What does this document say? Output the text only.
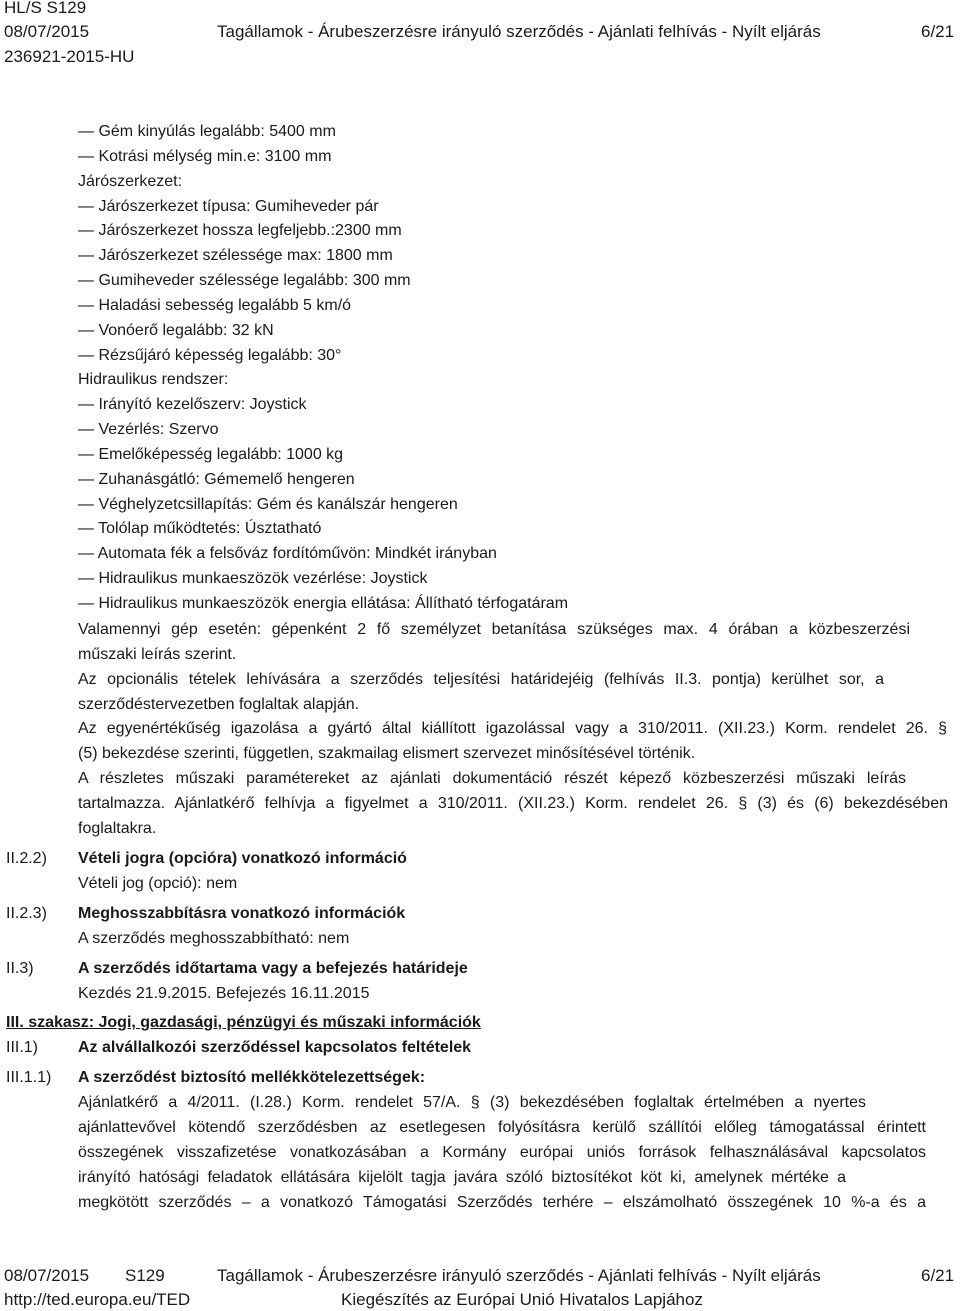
HL/S S129
08/07/2015	Tagállamok - Árubeszerzésre irányuló szerződés - Ajánlati felhívás - Nyílt eljárás	6/21
236921-2015-HU
— Gém kinyúlás legalább: 5400 mm
— Kotrási mélység min.e: 3100 mm
Járószerkezet:
— Járószerkezet típusa: Gumiheveder pár
— Járószerkezet hossza legfeljebb.:2300 mm
— Járószerkezet szélessége max: 1800 mm
— Gumiheveder szélessége legalább: 300 mm
— Haladási sebesség legalább 5 km/ó
— Vonóerő legalább: 32 kN
— Rézsűjáró képesség legalább: 30°
Hidraulikus rendszer:
— Irányító kezelőszerv: Joystick
— Vezérlés: Szervo
— Emelőképesség legalább: 1000 kg
— Zuhanásgátló: Gémemelő hengeren
— Véghelyzetcsillapítás: Gém és kanálszár hengeren
— Tolólap működtetés: Úsztatható
— Automata fék a felsőváz fordítóművön: Mindkét irányban
— Hidraulikus munkaeszözök vezérlése: Joystick
— Hidraulikus munkaeszözök energia ellátása: Állítható térfogatáram
Valamennyi gép esetén: gépenként 2 fő személyzet betanítása szükséges max. 4 órában a közbeszerzési
műszaki leírás szerint.
Az opcionális tételek lehívására a szerződés teljesítési határidejéig (felhívás II.3. pontja) kerülhet sor, a
szerződéstervezetben foglaltak alapján.
Az egyenértékűség igazolása a gyártó által kiállított igazolással vagy a 310/2011. (XII.23.) Korm. rendelet 26. §
(5) bekezdése szerinti, független, szakmailag elismert szervezet minősítésével történik.
A részletes műszaki paramétereket az ajánlati dokumentáció részét képező közbeszerzési műszaki leírás
tartalmazza. Ajánlatkérő felhívja a figyelmet a 310/2011. (XII.23.) Korm. rendelet 26. § (3) és (6) bekezdésében
foglaltakra.
II.2.2) Vételi jogra (opcióra) vonatkozó információ
Vételi jog (opció): nem
II.2.3) Meghosszabbításra vonatkozó információk
A szerződés meghosszabbítható: nem
II.3)	A szerződés időtartama vagy a befejezés határideje
Kezdés 21.9.2015. Befejezés 16.11.2015
III. szakasz: Jogi, gazdasági, pénzügyi és műszaki információk
III.1) Az alvállalkozói szerződéssel kapcsolatos feltételek
III.1.1) A szerződést biztosító mellékkötelezettségek:
Ajánlatkérő a 4/2011. (I.28.) Korm. rendelet 57/A. § (3) bekezdésében foglaltak értelmében a nyertes
ajánlattevővel kötendő szerződésben az esetlegesen folyósításra kerülő szállítói előleg támogatással érintett
összegének visszafizetése vonatkozásában a Kormány európai uniós források felhasználásával kapcsolatos
irányító hatósági feladatok ellátására kijelölt tagja javára szóló biztosítékot köt ki, amelynek mértéke a
megkötött szerződés – a vonatkozó Támogatási Szerződés terhére – elszámolható összegének 10 %-a és a
08/07/2015 S129	Tagállamok - Árubeszerzésre irányuló szerződés - Ajánlati felhívás - Nyílt eljárás	6/21
http://ted.europa.eu/TED	Kiegészítés az Európai Unió Hivatalos Lapjához
